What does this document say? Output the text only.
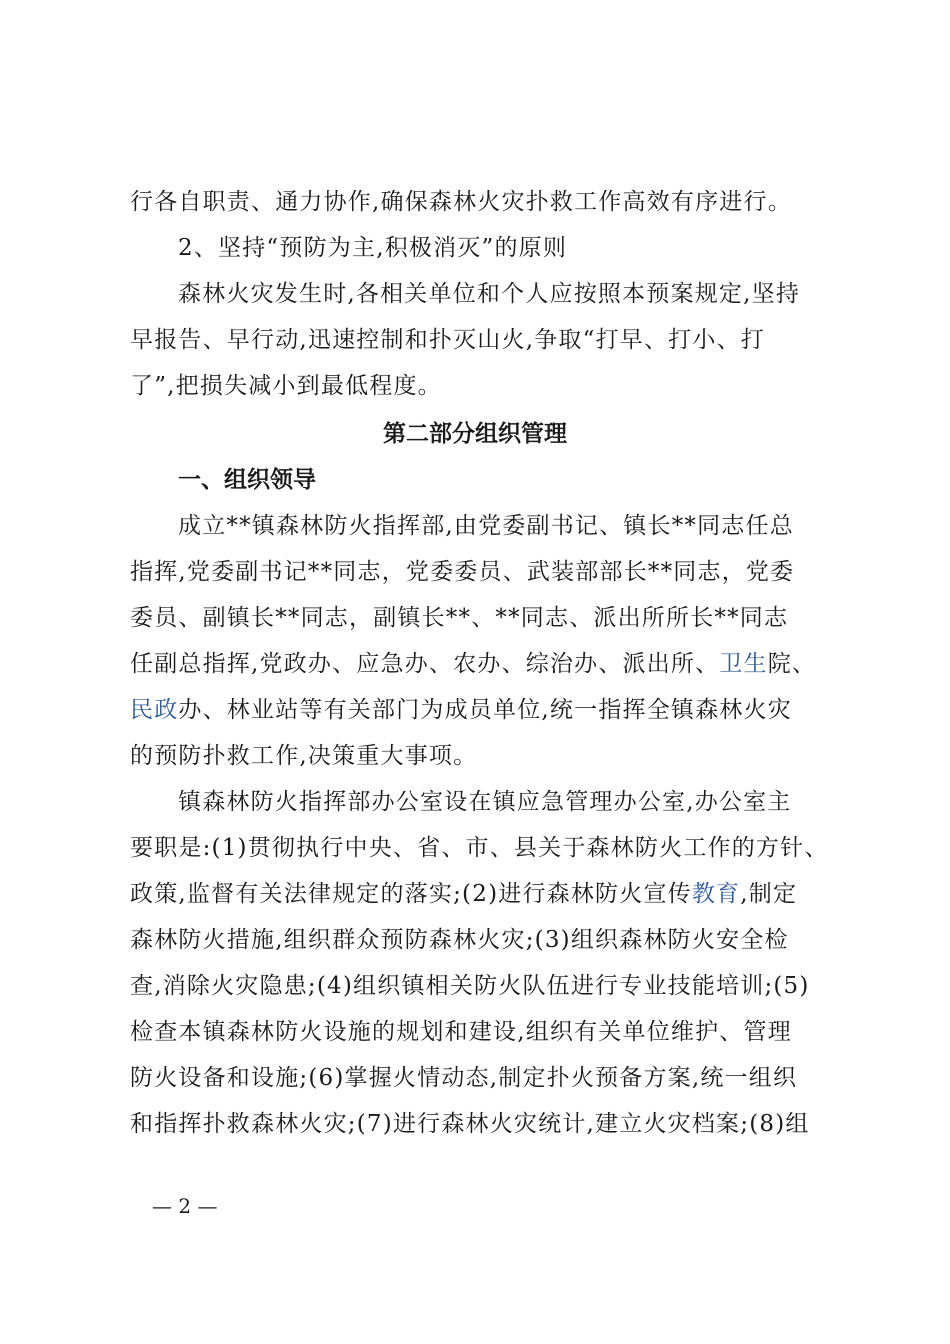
行各自职责、通力协作,确保森林火灾扑救工作高效有序进行。
2、坚持“预防为主,积极消灭”的原则
森林火灾发生时,各相关单位和个人应按照本预案规定,坚持
早报告、早行动,迅速控制和扑灭山火,争取“打早、打小、打
了”,把损失减小到最低程度。
第二部分组织管理
一、组织领导
成立**镇森林防火指挥部,由党委副书记、镇长**同志任总
指挥,党委副书记**同志，党委委员、武装部部长**同志，党委
委员、副镇长**同志，副镇长**、**同志、派出所所长**同志
任副总指挥,党政办、应急办、农办、综治办、派出所、卫生院、
民政办、林业站等有关部门为成员单位,统一指挥全镇森林火灾
的预防扑救工作,决策重大事项。
镇森林防火指挥部办公室设在镇应急管理办公室,办公室主
要职是:(1)贯彻执行中央、省、市、县关于森林防火工作的方针、
政策,监督有关法律规定的落实;(2)进行森林防火宣传教育,制定
森林防火措施,组织群众预防森林火灾;(3)组织森林防火安全检
查,消除火灾隐患;(4)组织镇相关防火队伍进行专业技能培训;(5)
检查本镇森林防火设施的规划和建设,组织有关单位维护、管理
防火设备和设施;(6)掌握火情动态,制定扑火预备方案,统一组织
和指挥扑救森林火灾;(7)进行森林火灾统计,建立火灾档案;(8)组
— 2 —
